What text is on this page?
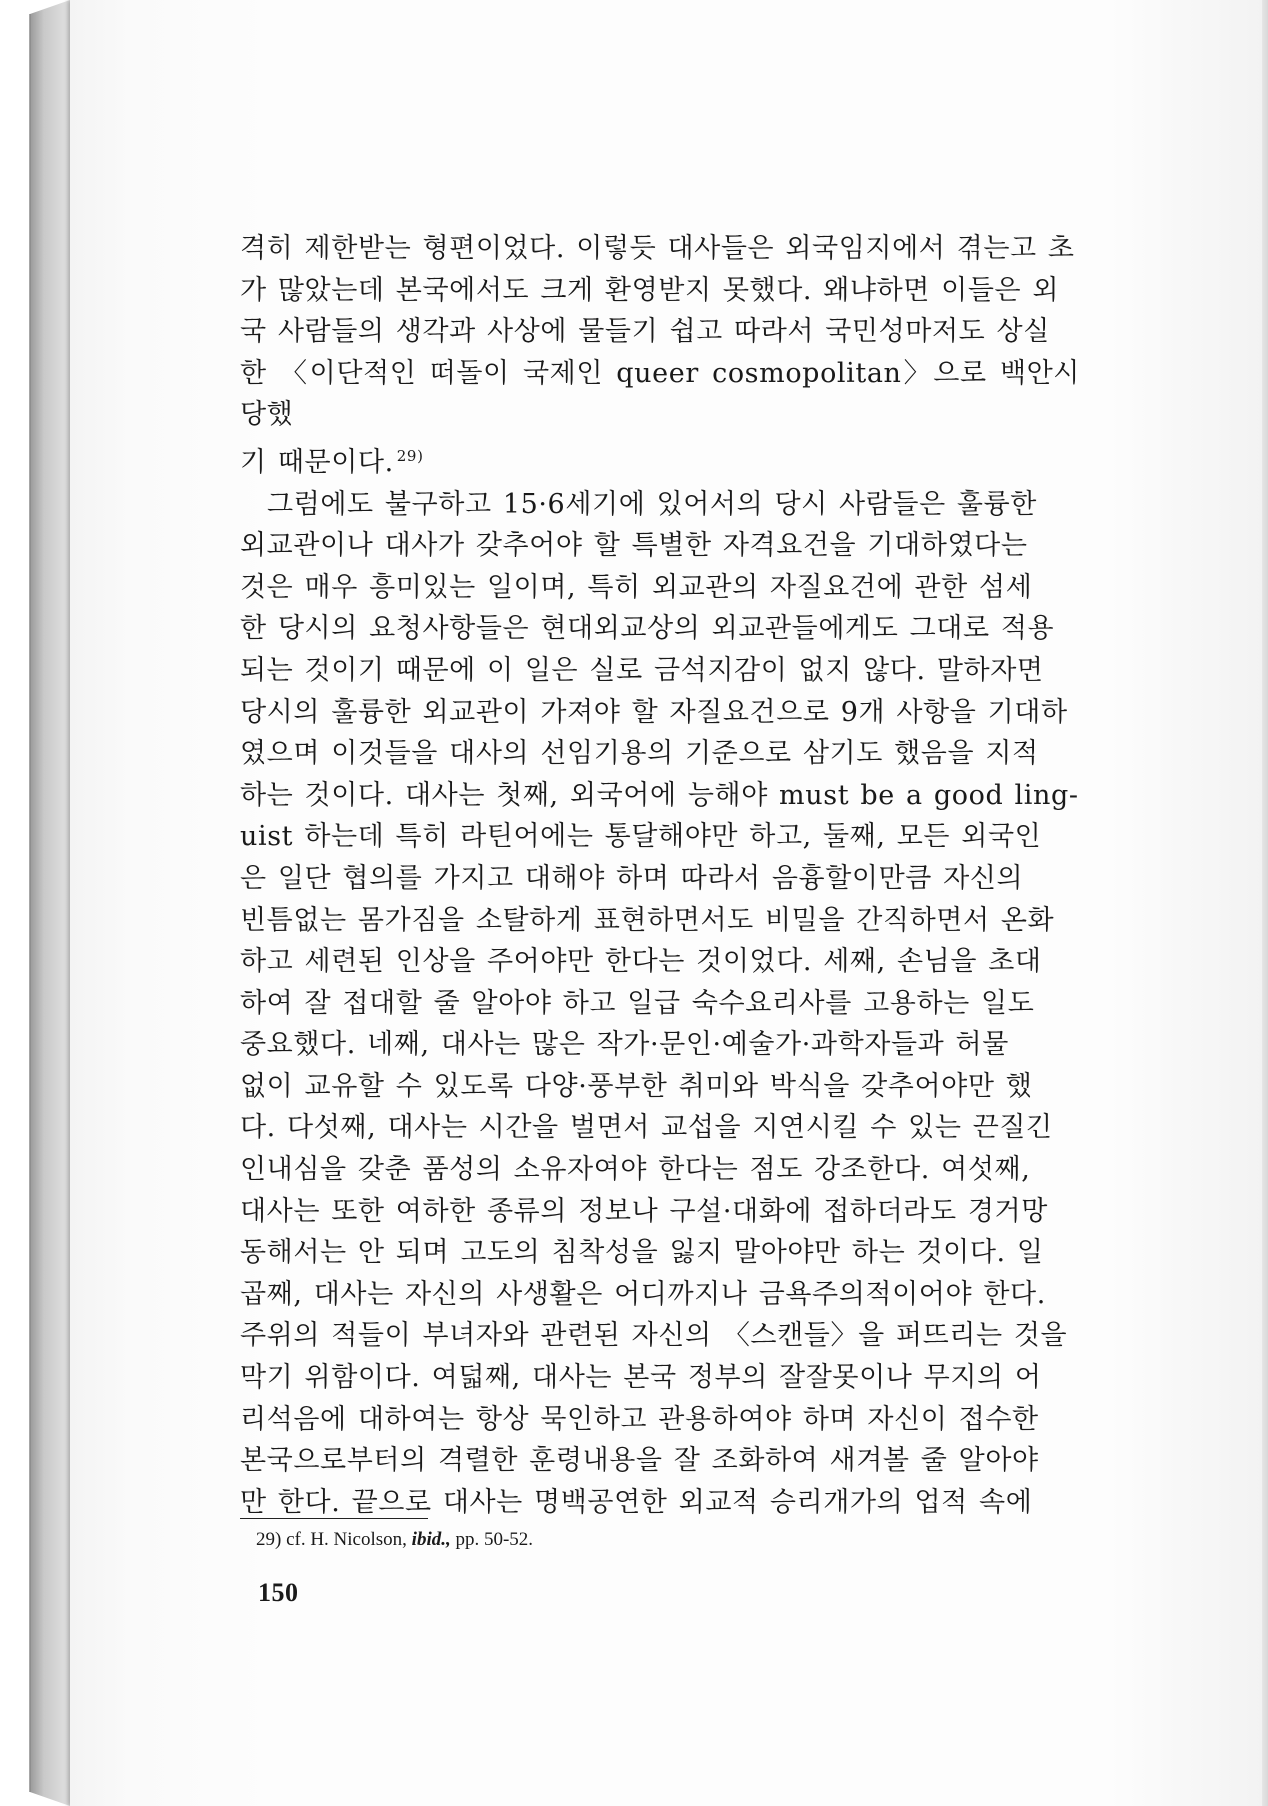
격히 제한받는 형편이었다. 이렇듯 대사들은 외국임지에서 겪는고 초
가 많았는데 본국에서도 크게 환영받지 못했다. 왜냐하면 이들은 외
국 사람들의 생각과 사상에 물들기 쉽고 따라서 국민성마저도 상실
한 〈이단적인 떠돌이 국제인 queer cosmopolitan〉으로 백안시당했
기 때문이다. $^{29)}$

그럼에도 불구하고 15·6세기에 있어서의 당시 사람들은 훌륭한
외교관이나 대사가 갖추어야 할 특별한 자격요건을 기대하였다는
것은 매우 흥미있는 일이며, 특히 외교관의 자질요건에 관한 섬세
한 당시의 요청사항들은 현대외교상의 외교관들에게도 그대로 적용
되는 것이기 때문에 이 일은 실로 금석지감이 없지 않다. 말하자면
당시의 훌륭한 외교관이 가져야 할 자질요건으로 9개 사항을 기대하
였으며 이것들을 대사의 선임기용의 기준으로 삼기도 했음을 지적
하는 것이다. 대사는 첫째, 외국어에 능해야 must be a good ling-
uist 하는데 특히 라틴어에는 통달해야만 하고, 둘째, 모든 외국인
은 일단 협의를 가지고 대해야 하며 따라서 음흉할이만큼 자신의
빈틈없는 몸가짐을 소탈하게 표현하면서도 비밀을 간직하면서 온화
하고 세련된 인상을 주어야만 한다는 것이었다. 세째, 손님을 초대
하여 잘 접대할 줄 알아야 하고 일급 숙수요리사를 고용하는 일도
중요했다. 네째, 대사는 많은 작가·문인·예술가·과학자들과 허물
없이 교유할 수 있도록 다양·풍부한 취미와 박식을 갖추어야만 했
다. 다섯째, 대사는 시간을 벌면서 교섭을 지연시킬 수 있는 끈질긴
인내심을 갖춘 품성의 소유자여야 한다는 점도 강조한다. 여섯째,
대사는 또한 여하한 종류의 정보나 구설·대화에 접하더라도 경거망
동해서는 안 되며 고도의 침착성을 잃지 말아야만 하는 것이다. 일
곱째, 대사는 자신의 사생활은 어디까지나 금욕주의적이어야 한다.
주위의 적들이 부녀자와 관련된 자신의 〈스캔들〉을 퍼뜨리는 것을
막기 위함이다. 여덟째, 대사는 본국 정부의 잘잘못이나 무지의 어
리석음에 대하여는 항상 묵인하고 관용하여야 하며 자신이 접수한
본국으로부터의 격렬한 훈령내용을 잘 조화하여 새겨볼 줄 알아야
만 한다. 끝으로 대사는 명백공연한 외교적 승리개가의 업적 속에

29) cf. H. Nicolson, ibid., pp. 50-52.
150
